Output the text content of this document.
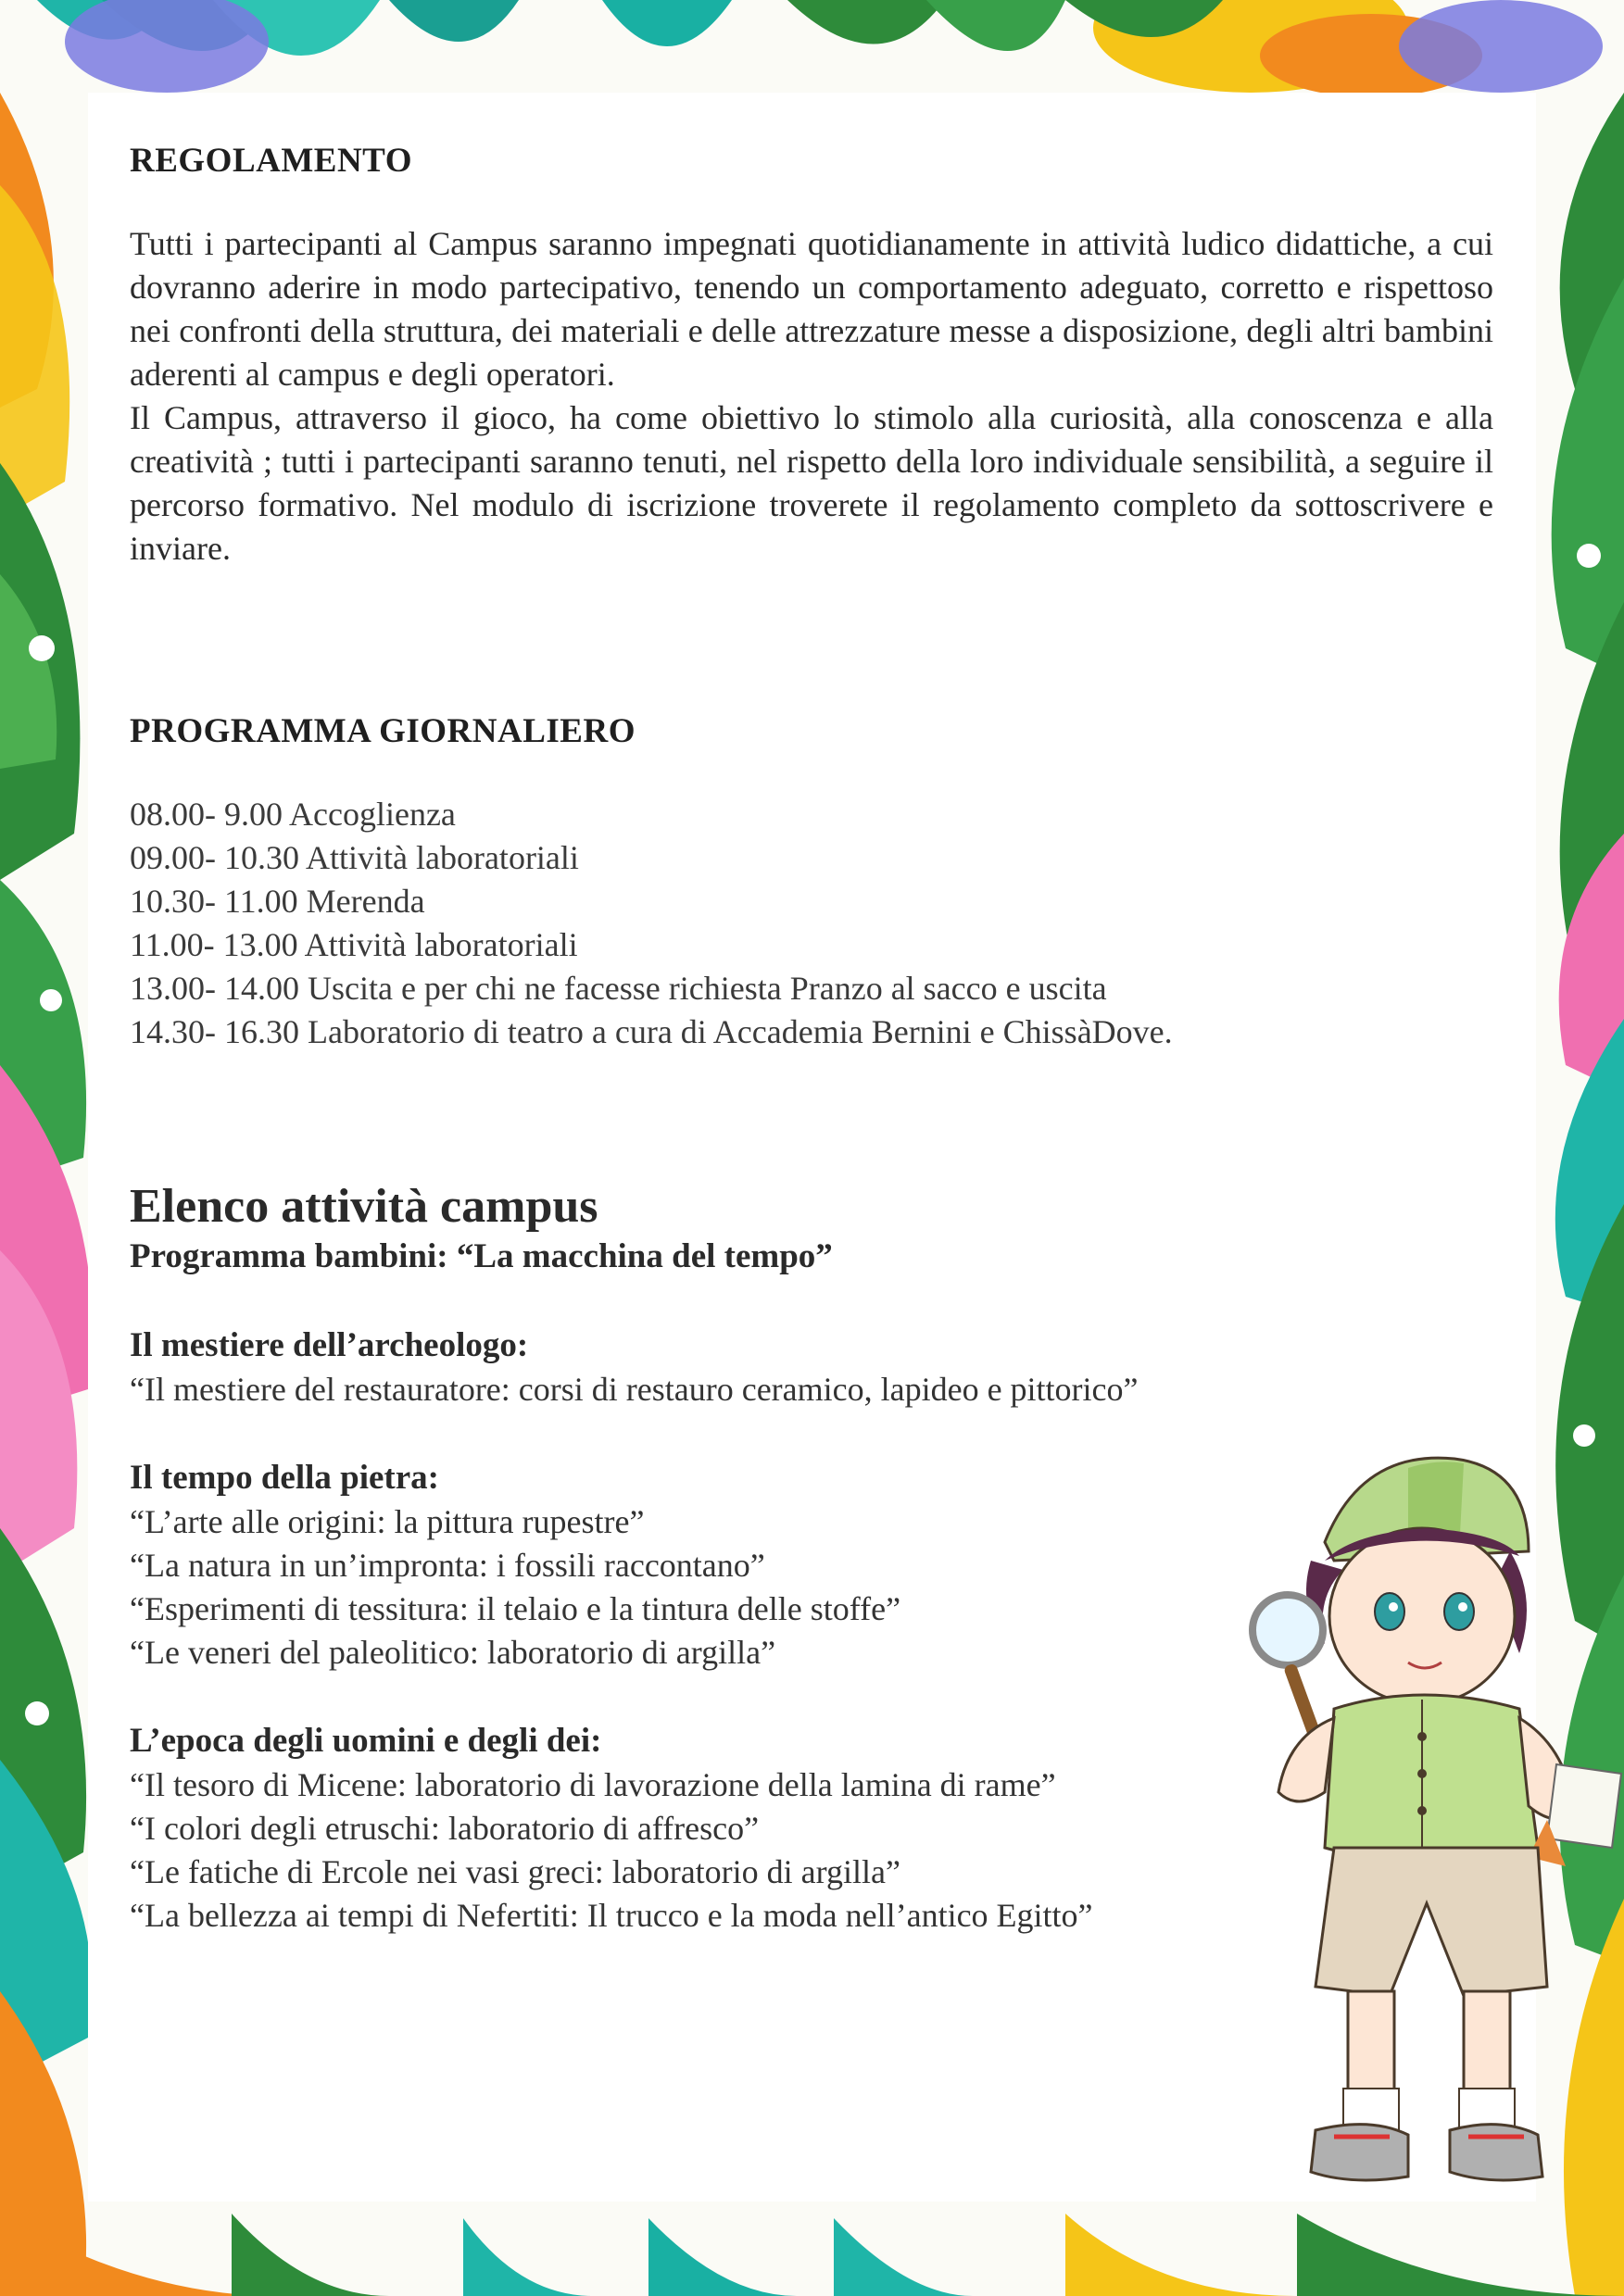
REGOLAMENTO

Tutti i partecipanti al Campus saranno impegnati quotidianamente in attività ludico didattiche, a cui dovranno aderire in modo partecipativo, tenendo un comportamento adeguato, corretto e rispettoso nei confronti della struttura, dei materiali e delle attrezzature messe a disposizione, degli altri bambini aderenti al campus e degli operatori.

Il Campus, attraverso il gioco, ha come obiettivo lo stimolo alla curiosità, alla conoscenza e alla creatività ; tutti i partecipanti saranno tenuti, nel rispetto della loro individuale sensibilità, a seguire il percorso formativo. Nel modulo di iscrizione troverete il regolamento completo da sottoscrivere e inviare.

PROGRAMMA GIORNALIERO
08.00- 9.00 Accoglienza
09.00- 10.30 Attività laboratoriali
10.30- 11.00 Merenda
11.00- 13.00 Attività laboratoriali
13.00- 14.00 Uscita e per chi ne facesse richiesta Pranzo al sacco e uscita
14.30- 16.30 Laboratorio di teatro a cura di Accademia Bernini e ChissàDove.
Elenco attività campus
Programma bambini: “La macchina del tempo”
Il mestiere dell’archeologo:
“Il mestiere del restauratore: corsi di restauro ceramico, lapideo e pittorico”
Il tempo della pietra:
“L’arte alle origini: la pittura rupestre”
“La natura in un’impronta: i fossili raccontano”
“Esperimenti di tessitura: il telaio e la tintura delle stoffe”
“Le veneri del paleolitico: laboratorio di argilla”
L’epoca degli uomini e degli dei:
“Il tesoro di Micene: laboratorio di lavorazione della lamina di rame”
“I colori degli etruschi: laboratorio di affresco”
“Le fatiche di Ercole nei vasi greci: laboratorio di argilla”
“La bellezza ai tempi di Nefertiti: Il trucco e la moda nell’antico Egitto”
